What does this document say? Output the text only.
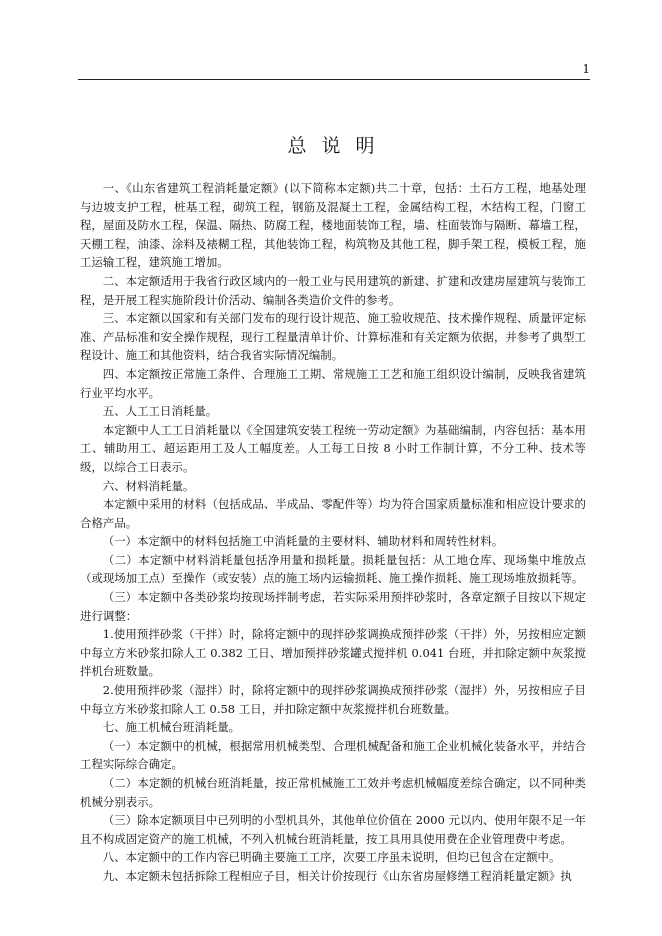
1
总说明

一、《山东省建筑工程消耗量定额》(以下简称本定额)共二十章，包括：土石方工程，地基处理与边坡支护工程，桩基工程，砌筑工程，钢筋及混凝土工程，金属结构工程，木结构工程，门窗工程，屋面及防水工程，保温、隔热、防腐工程，楼地面装饰工程，墙、柱面装饰与隔断、幕墙工程，天棚工程，油漆、涂料及裱糊工程，其他装饰工程，构筑物及其他工程，脚手架工程，模板工程，施工运输工程，建筑施工增加。

二、本定额适用于我省行政区域内的一般工业与民用建筑的新建、扩建和改建房屋建筑与装饰工程，是开展工程实施阶段计价活动、编制各类造价文件的参考。

三、本定额以国家和有关部门发布的现行设计规范、施工验收规范、技术操作规程、质量评定标准、产品标准和安全操作规程，现行工程量清单计价、计算标准和有关定额为依据，并参考了典型工程设计、施工和其他资料，结合我省实际情况编制。

四、本定额按正常施工条件、合理施工工期、常规施工工艺和施工组织设计编制，反映我省建筑行业平均水平。

五、人工工日消耗量。

本定额中人工工日消耗量以《全国建筑安装工程统一劳动定额》为基础编制，内容包括：基本用工、辅助用工、超运距用工及人工幅度差。人工每工日按 8 小时工作制计算，不分工种、技术等级，以综合工日表示。

六、材料消耗量。

本定额中采用的材料（包括成品、半成品、零配件等）均为符合国家质量标准和相应设计要求的合格产品。

（一）本定额中的材料包括施工中消耗量的主要材料、辅助材料和周转性材料。

（二）本定额中材料消耗量包括净用量和损耗量。损耗量包括：从工地仓库、现场集中堆放点（或现场加工点）至操作（或安装）点的施工场内运输损耗、施工操作损耗、施工现场堆放损耗等。

（三）本定额中各类砂浆均按现场拌制考虑，若实际采用预拌砂浆时，各章定额子目按以下规定进行调整：

1.使用预拌砂浆（干拌）时，除将定额中的现拌砂浆调换成预拌砂浆（干拌）外，另按相应定额中每立方米砂浆扣除人工 0.382 工日、增加预拌砂浆罐式搅拌机 0.041 台班，并扣除定额中灰浆搅拌机台班数量。

2.使用预拌砂浆（湿拌）时，除将定额中的现拌砂浆调换成预拌砂浆（湿拌）外，另按相应子目中每立方米砂浆扣除人工 0.58 工日，并扣除定额中灰浆搅拌机台班数量。

七、施工机械台班消耗量。

（一）本定额中的机械，根据常用机械类型、合理机械配备和施工企业机械化装备水平，并结合工程实际综合确定。

（二）本定额的机械台班消耗量，按正常机械施工工效并考虑机械幅度差综合确定，以不同种类机械分别表示。

（三）除本定额项目中已列明的小型机具外，其他单位价值在 2000 元以内、使用年限不足一年且不构成固定资产的施工机械，不列入机械台班消耗量，按工具用具使用费在企业管理费中考虑。

八、本定额中的工作内容已明确主要施工工序，次要工序虽未说明，但均已包含在定额中。

九、本定额未包括拆除工程相应子目，相关计价按现行《山东省房屋修缮工程消耗量定额》执
